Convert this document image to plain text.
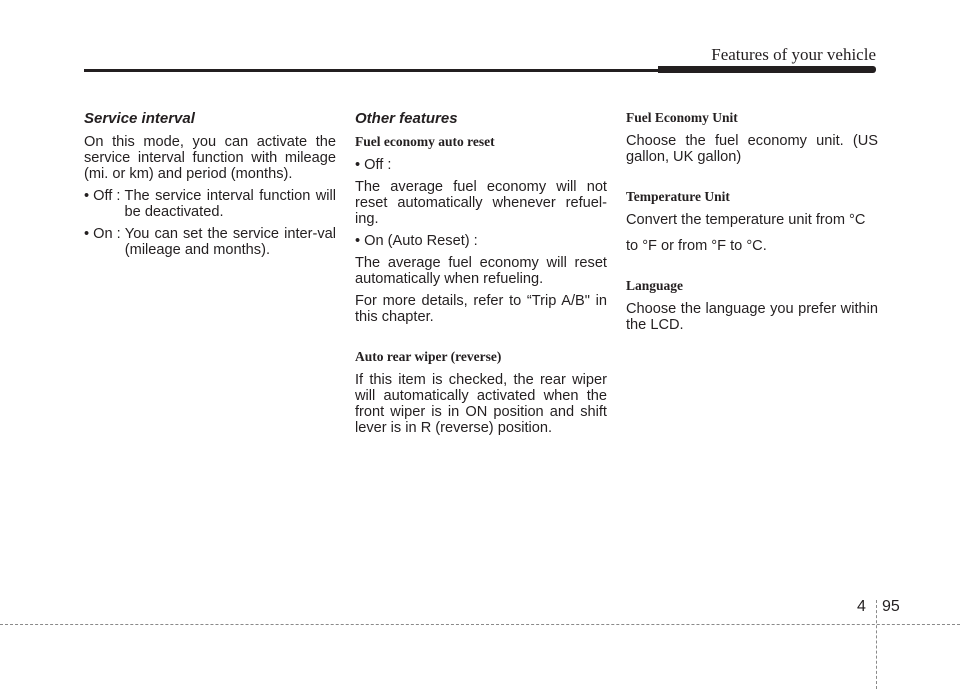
Features of your vehicle
Service interval

On this mode, you can activate the service interval function with mileage (mi. or km) and period (months).

• Off : The service interval function will be deactivated.
• On : You can set the service inter-val (mileage and months).
Other features
Fuel economy auto reset

• Off :

The average fuel economy will not reset automatically whenever refuel-ing.

• On (Auto Reset) :

The average fuel economy will reset automatically when refueling.

For more details, refer to “Trip A/B" in this chapter.

Auto rear wiper (reverse)

If this item is checked, the rear wiper will automatically activated when the front wiper is in ON position and shift lever is in R (reverse) position.

Fuel Economy Unit

Choose the fuel economy unit. (US gallon, UK gallon)

Temperature Unit

Convert the temperature unit from °C

to °F or from °F to °C.

Language

Choose the language you prefer within the LCD.

4 95
